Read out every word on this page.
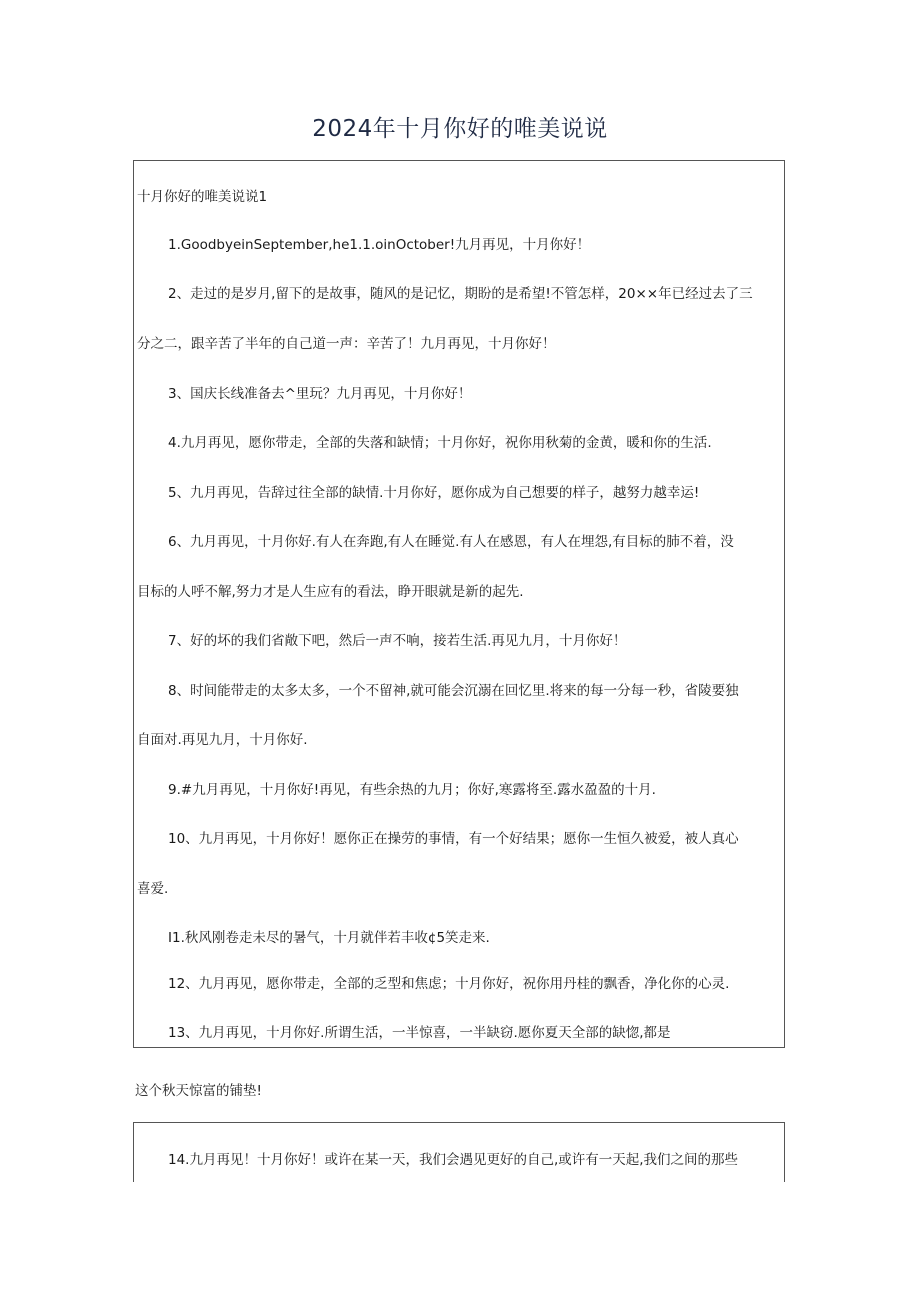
2024年十月你好的唯美说说

十月你好的唯美说说1

1.GoodbyeinSeptember,he1.1.oinOctober!九月再见，十月你好！

2、走过的是岁月,留下的是故事，随风的是记忆，期盼的是希望!不管怎样，20××年已经过去了三

分之二，跟辛苦了半年的自己道一声：辛苦了！九月再见，十月你好！

3、国庆长线准备去^里玩？九月再见，十月你好！

4.九月再见，愿你带走，全部的失落和缺情；十月你好，祝你用秋菊的金黄，暖和你的生活.

5、九月再见，告辞过往全部的缺情.十月你好，愿你成为自己想要的样子，越努力越幸运!

6、九月再见，十月你好.有人在奔跑,有人在睡觉.有人在感恩，有人在埋怨,有目标的肺不着，没

目标的人呼不解,努力才是人生应有的看法，睁开眼就是新的起先.

7、好的坏的我们省敞下吧，然后一声不响，接若生活.再见九月，十月你好！

8、时间能带走的太多太多，一个不留神,就可能会沉溺在回忆里.将来的每一分每一秒，省陵要独

自面对.再见九月，十月你好.

9.#九月再见，十月你好!再见，有些余热的九月；你好,寒露将至.露水盈盈的十月.

10、九月再见，十月你好！愿你正在操劳的事情，有一个好结果；愿你一生恒久被爱，被人真心

喜爱.

I1.秋风刚卷走未尽的暑气，十月就伴若丰收¢5笑走来.

12、九月再见，愿你带走，全部的乏型和焦虑；十月你好，祝你用丹桂的飘香，净化你的心灵.

13、九月再见，十月你好.所谓生活，一半惊喜，一半缺窃.愿你夏天全部的缺惚,都是

这个秋天惊富的铺垫!

14.九月再见！十月你好！或许在某一天，我们会遇见更好的自己,或许有一天起,我们之间的那些
